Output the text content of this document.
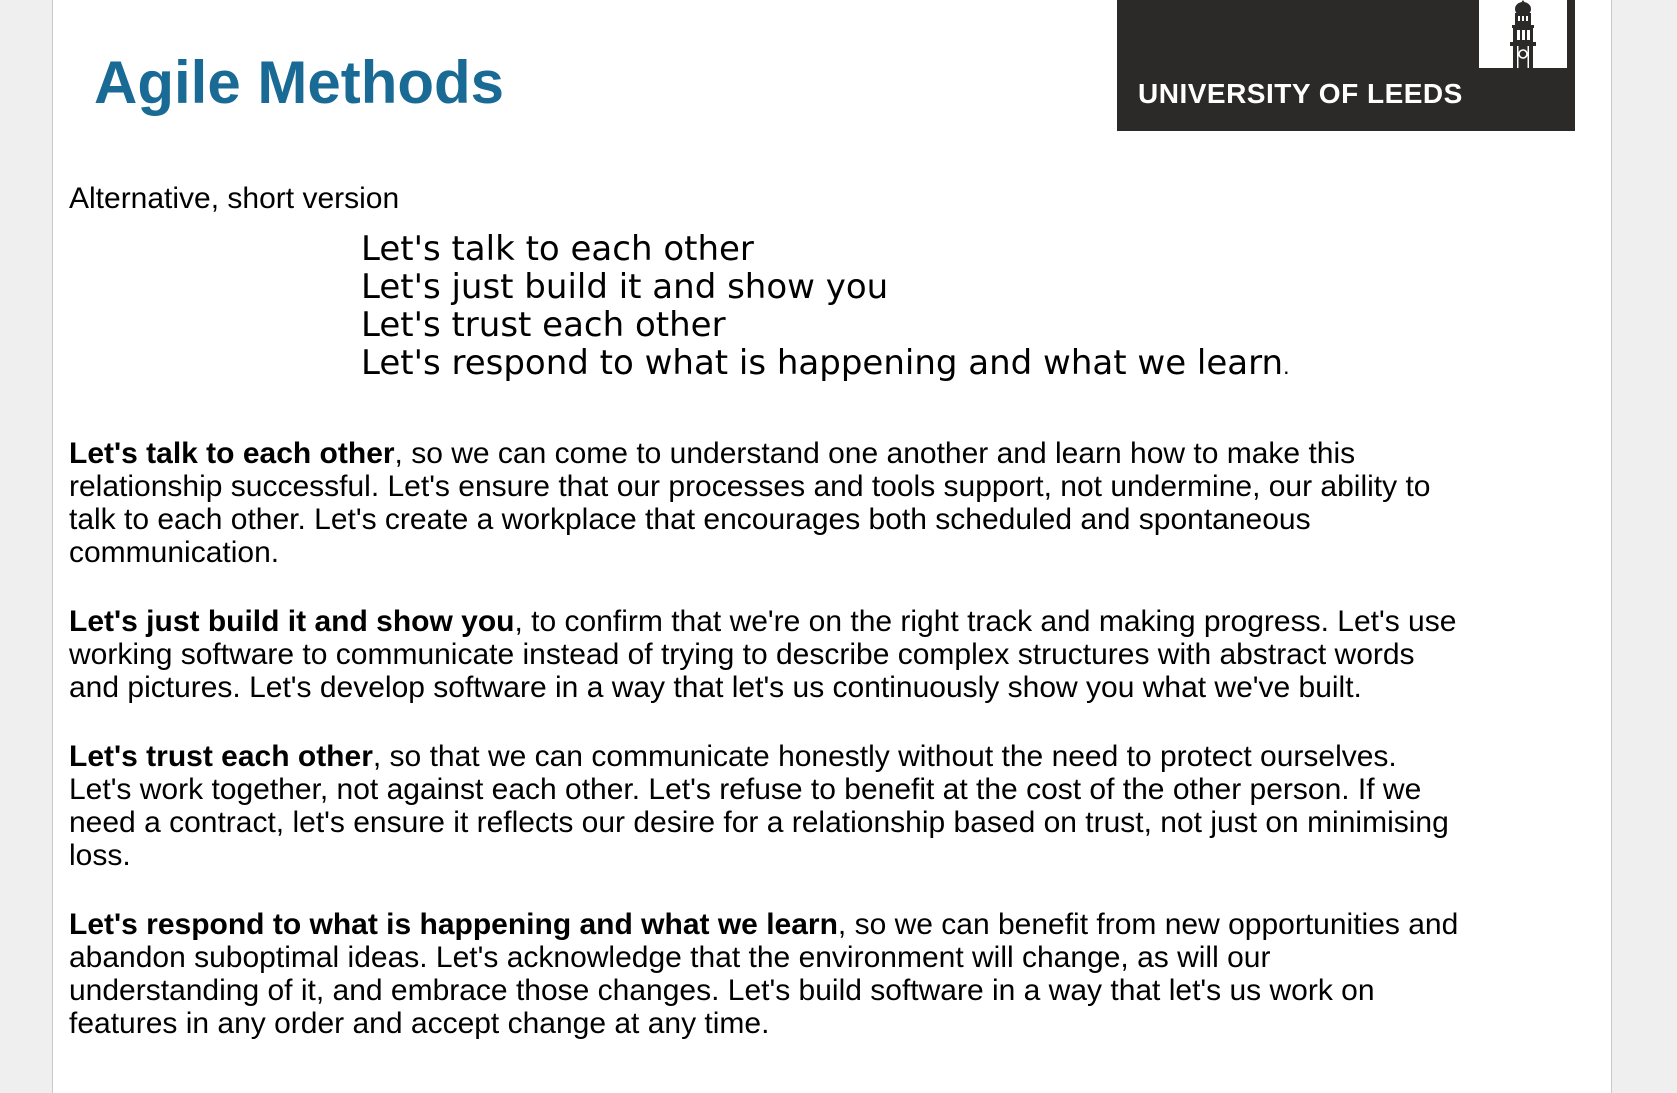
Agile Methods	UNIVERSITY OF LEEDS
Alternative, short version
Let's talk to each other
Let's just build it and show you
Let's trust each other
Let's respond to what is happening and what we learn.

Let's talk to each other, so we can come to understand one another and learn how to make this relationship successful. Let's ensure that our processes and tools support, not undermine, our ability to talk to each other. Let's create a workplace that encourages both scheduled and spontaneous communication.

Let's just build it and show you, to confirm that we're on the right track and making progress. Let's use working software to communicate instead of trying to describe complex structures with abstract words and pictures. Let's develop software in a way that let's us continuously show you what we've built.

Let's trust each other, so that we can communicate honestly without the need to protect ourselves. Let's work together, not against each other. Let's refuse to benefit at the cost of the other person. If we need a contract, let's ensure it reflects our desire for a relationship based on trust, not just on minimising loss.

Let's respond to what is happening and what we learn, so we can benefit from new opportunities and abandon suboptimal ideas. Let's acknowledge that the environment will change, as will our understanding of it, and embrace those changes. Let's build software in a way that let's us work on features in any order and accept change at any time.
